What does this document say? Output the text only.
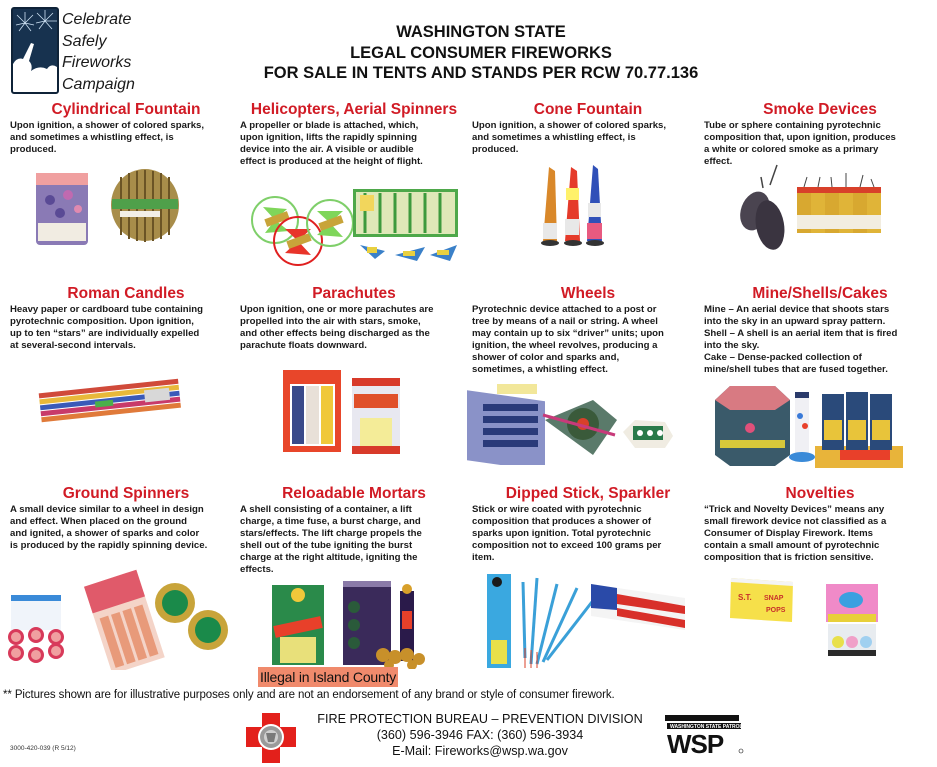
Celebrate
Safely
Fireworks
Campaign
WASHINGTON STATE
LEGAL CONSUMER FIREWORKS
FOR SALE IN TENTS AND STANDS PER RCW 70.77.136
Cylindrical Fountain
Upon ignition, a shower of colored sparks,
and sometimes a whistling effect, is
produced.
Helicopters, Aerial Spinners
A propeller or blade is attached, which,
upon ignition, lifts the rapidly spinning
device into the air. A visible or audible
effect is produced at the height of flight.
Cone Fountain
Upon ignition, a shower of colored sparks,
and sometimes a whistling effect, is
produced.
Smoke Devices
Tube or sphere containing pyrotechnic
composition that, upon ignition, produces
a white or colored smoke as a primary
effect.
Roman Candles
Heavy paper or cardboard tube containing
pyrotechnic composition. Upon ignition,
up to ten “stars” are individually expelled
at several-second intervals.
Parachutes
Upon ignition, one or more parachutes are
propelled into the air with stars, smoke,
and other effects being discharged as the
parachute floats downward.
Wheels
Pyrotechnic device attached to a post or
tree by means of a nail or string. A wheel
may contain up to six “driver” units; upon
ignition, the wheel revolves, producing a
shower of color and sparks and,
sometimes, a whistling effect.
Mine/Shells/Cakes
Mine – An aerial device that shoots stars
into the sky in an upward spray pattern.
Shell – A shell is an aerial item that is fired
into the sky.
Cake – Dense-packed collection of
mine/shell tubes that are fused together.
Ground Spinners
A small device similar to a wheel in design
and effect. When placed on the ground
and ignited, a shower of sparks and color
is produced by the rapidly spinning device.
Reloadable Mortars
A shell consisting of a container, a lift
charge, a time fuse, a burst charge, and
stars/effects. The lift charge propels the
shell out of the tube igniting the burst
charge at the right altitude, igniting the
effects.
Dipped Stick, Sparkler
Stick or wire coated with pyrotechnic
composition that produces a shower of
sparks upon ignition. Total pyrotechnic
composition not to exceed 100 grams per
item.
Novelties
“Trick and Novelty Devices” means any
small firework device not classified as a
Consumer of Display Firework. Items
contain a small amount of pyrotechnic
composition that is friction sensitive.
S.T. SNAP
POPS
Illegal in Island County
** Pictures shown are for illustrative purposes only and are not an endorsement of any brand or style of consumer firework.
3000-420-039 (R 5/12)
FIRE PROTECTION BUREAU – PREVENTION DIVISION
(360) 596-3946 FAX: (360) 596-3934
E-Mail: Fireworks@wsp.wa.gov
WASHINGTON STATE PATROL
WSP
